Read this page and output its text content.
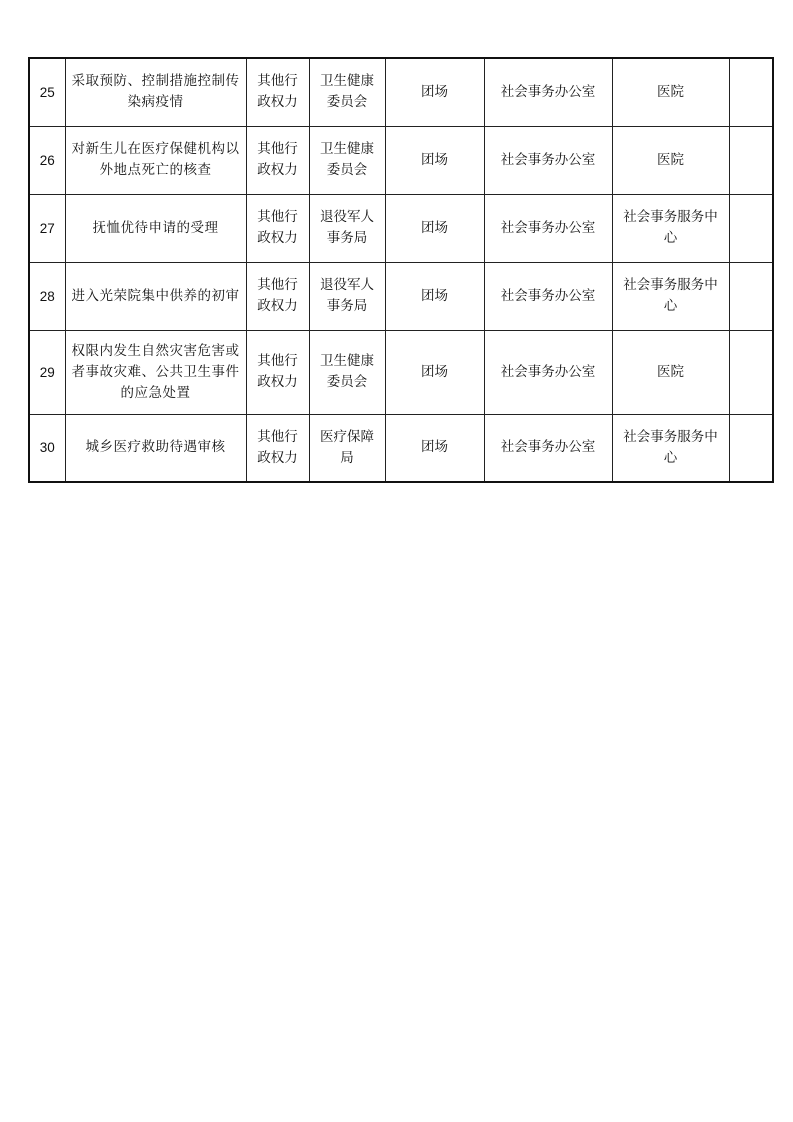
25	采取预防、控制措施控制传染病疫情	其他行政权力	卫生健康委员会	团场	社会事务办公室	医院	
26	对新生儿在医疗保健机构以外地点死亡的核查	其他行政权力	卫生健康委员会	团场	社会事务办公室	医院	
27	抚恤优待申请的受理	其他行政权力	退役军人事务局	团场	社会事务办公室	社会事务服务中心	
28	进入光荣院集中供养的初审	其他行政权力	退役军人事务局	团场	社会事务办公室	社会事务服务中心	
29	权限内发生自然灾害危害或者事故灾难、公共卫生事件的应急处置	其他行政权力	卫生健康委员会	团场	社会事务办公室	医院	
30	城乡医疗救助待遇审核	其他行政权力	医疗保障局	团场	社会事务办公室	社会事务服务中心	
